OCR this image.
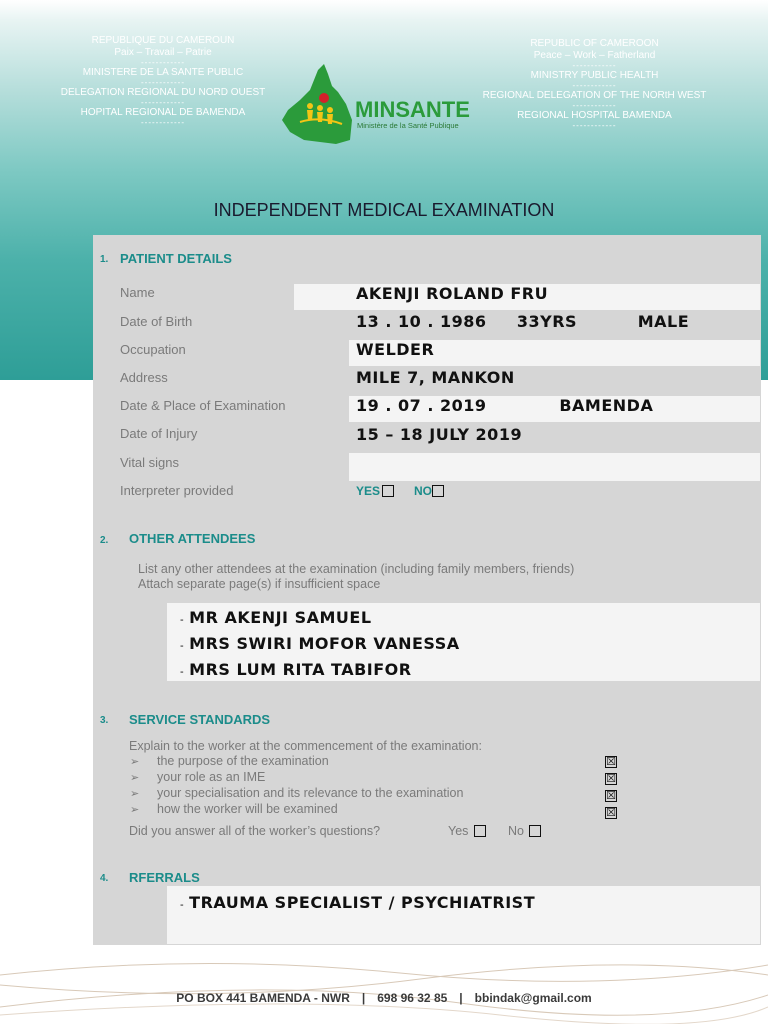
REPUBLIQUE DU CAMEROUN
Paix – Travail – Patrie
------------
MINISTERE DE LA SANTE PUBLIC
------------
DELEGATION REGIONAL DU NORD OUEST
------------
HOPITAL REGIONAL DE BAMENDA
------------
REPUBLIC OF CAMEROON
Peace – Work – Fatherland
------------
MINISTRY PUBLIC HEALTH
------------
REGIONAL DELEGATION OF THE NORtH WEST
------------
REGIONAL HOSPITAL BAMENDA
------------
MINSANTE
Ministère de la Santé Publique
INDEPENDENT MEDICAL EXAMINATION
1. PATIENT DETAILS
Name	AKENJI ROLAND FRU
Date of Birth	13 . 10 . 1986     33YRS          MALE
Occupation	WELDER
Address	MILE 7, MANKON
Date & Place of Examination	19 . 07 . 2019            BAMENDA
Date of Injury	15 – 18 JULY 2019
Vital signs
Interpreter provided	YES	NO
2. OTHER ATTENDEES
List any other attendees at the examination (including family members, friends)
Attach separate page(s) if insufficient space
- MR AKENJI SAMUEL
- MRS SWIRI MOFOR VANESSA
- MRS LUM RITA TABIFOR
3. SERVICE STANDARDS
Explain to the worker at the commencement of the examination:
➢ the purpose of the examination
➢ your role as an IME
➢ your specialisation and its relevance to the examination
➢ how the worker will be examined
☒
☒
☒
☒
Did you answer all of the worker’s questions?	Yes	No
4. RFERRALS
- TRAUMA SPECIALIST / PSYCHIATRIST
PO BOX 441 BAMENDA - NWR | 698 96 32 85 | bbindak@gmail.com
